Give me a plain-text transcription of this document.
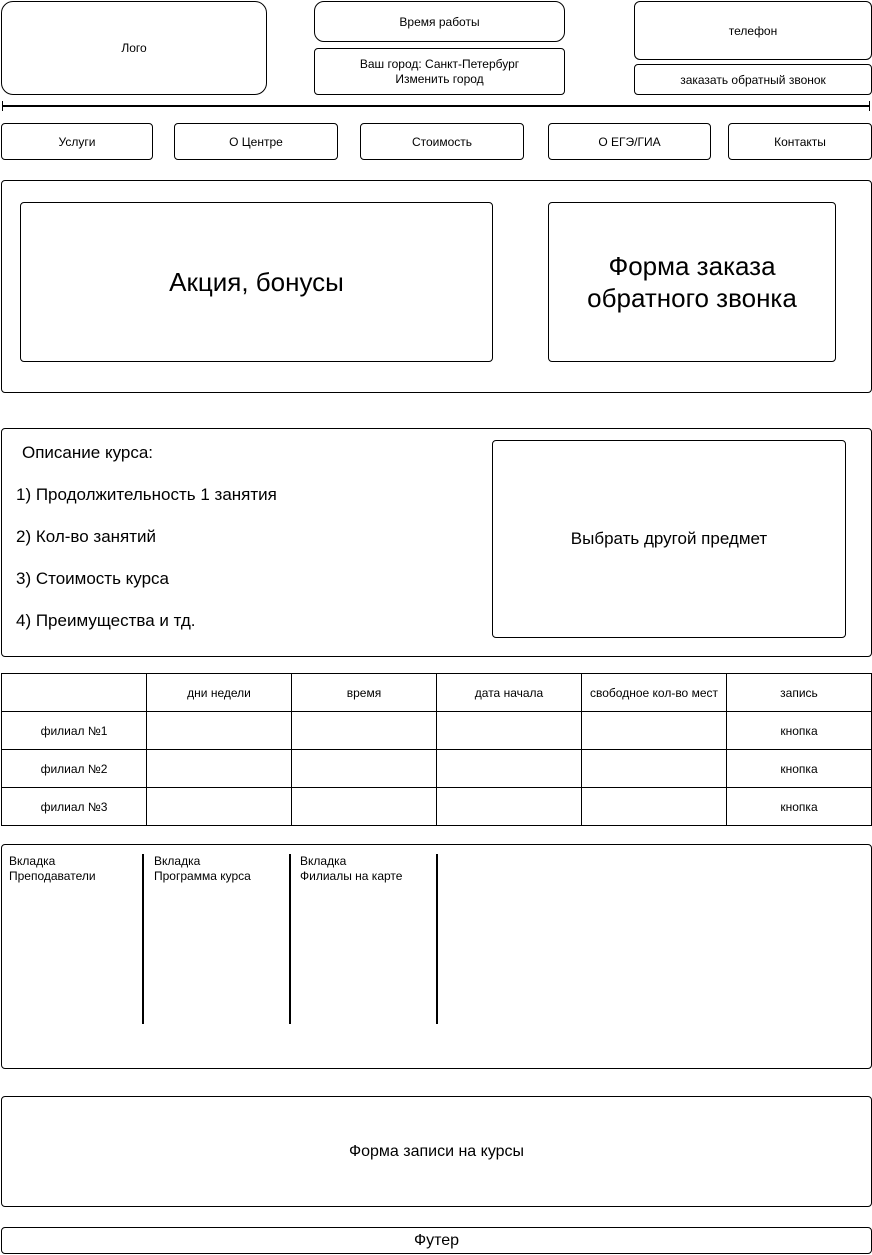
Лого
Время работы
Ваш город: Санкт-Петербург
Изменить город
телефон
заказать обратный звонок
Услуги	О Центре	Стоимость	О ЕГЭ/ГИА	Контакты
Акция, бонусы
Форма заказа
обратного звонка
Описание курса:
1) Продолжительность 1 занятия
2) Кол-во занятий
3) Стоимость курса
4) Преимущества и тд.
Выбрать другой предмет
	дни недели	время	дата начала	свободное кол-во мест	запись
филиал №1					кнопка
филиал №2					кнопка
филиал №3					кнопка
Вкладка
Преподаватели
Вкладка
Программа курса
Вкладка
Филиалы на карте
Форма записи на курсы
Футер
